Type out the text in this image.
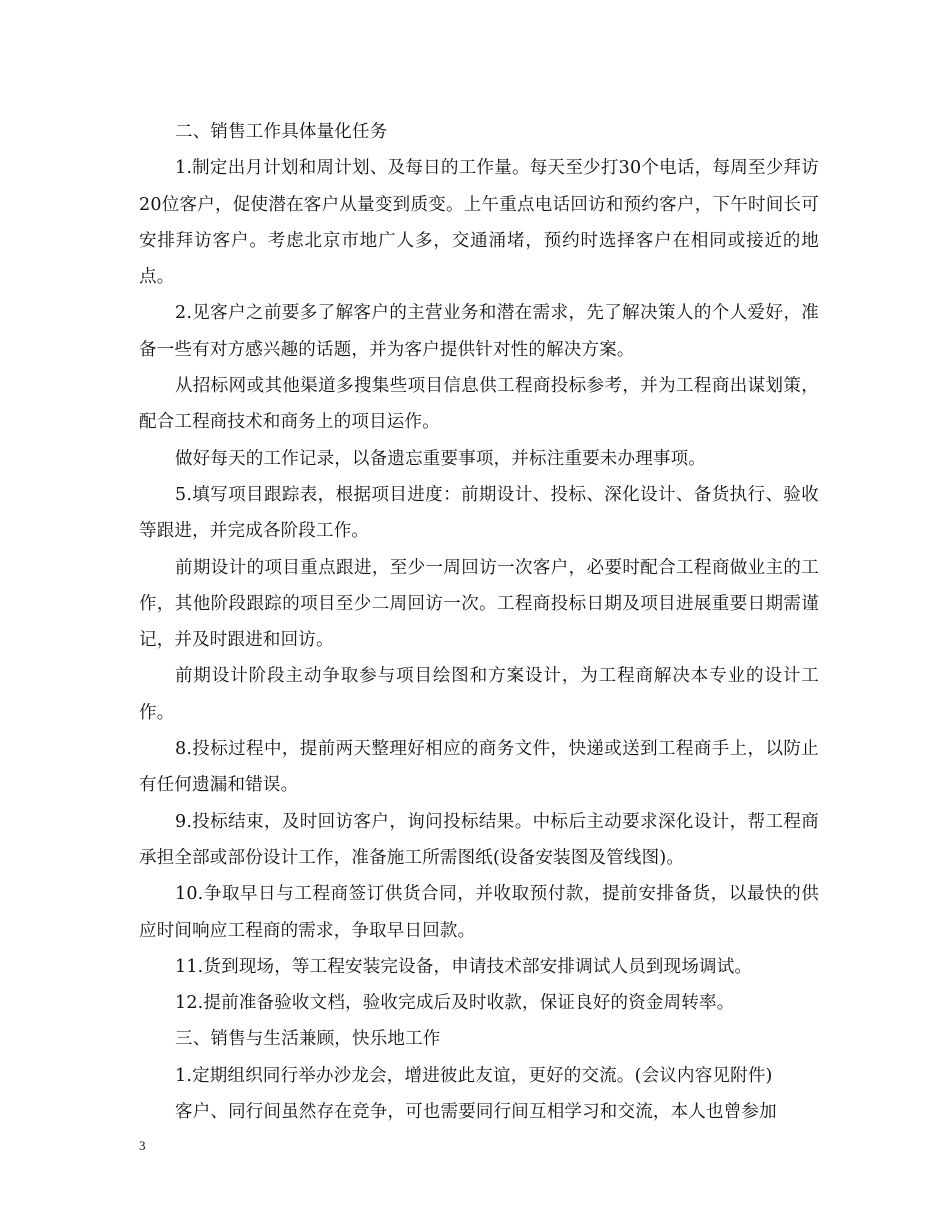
二、销售工作具体量化任务

1.制定出月计划和周计划、及每日的工作量。每天至少打30个电话，每周至少拜访20位客户，促使潜在客户从量变到质变。上午重点电话回访和预约客户，下午时间长可安排拜访客户。考虑北京市地广人多，交通涌堵，预约时选择客户在相同或接近的地点。

2.见客户之前要多了解客户的主营业务和潜在需求，先了解决策人的个人爱好，准备一些有对方感兴趣的话题，并为客户提供针对性的解决方案。

从招标网或其他渠道多搜集些项目信息供工程商投标参考，并为工程商出谋划策，配合工程商技术和商务上的项目运作。

做好每天的工作记录，以备遗忘重要事项，并标注重要未办理事项。

5.填写项目跟踪表，根据项目进度：前期设计、投标、深化设计、备货执行、验收等跟进，并完成各阶段工作。

前期设计的项目重点跟进，至少一周回访一次客户，必要时配合工程商做业主的工作，其他阶段跟踪的项目至少二周回访一次。工程商投标日期及项目进展重要日期需谨记，并及时跟进和回访。

前期设计阶段主动争取参与项目绘图和方案设计，为工程商解决本专业的设计工作。

8.投标过程中，提前两天整理好相应的商务文件，快递或送到工程商手上，以防止有任何遗漏和错误。

9.投标结束，及时回访客户，询问投标结果。中标后主动要求深化设计，帮工程商承担全部或部份设计工作，准备施工所需图纸(设备安装图及管线图)。

10.争取早日与工程商签订供货合同，并收取预付款，提前安排备货，以最快的供应时间响应工程商的需求，争取早日回款。

11.货到现场，等工程安装完设备，申请技术部安排调试人员到现场调试。

12.提前准备验收文档，验收完成后及时收款，保证良好的资金周转率。

三、销售与生活兼顾，快乐地工作

1.定期组织同行举办沙龙会，增进彼此友谊，更好的交流。(会议内容见附件)

客户、同行间虽然存在竞争，可也需要同行间互相学习和交流，本人也曾参加

3
